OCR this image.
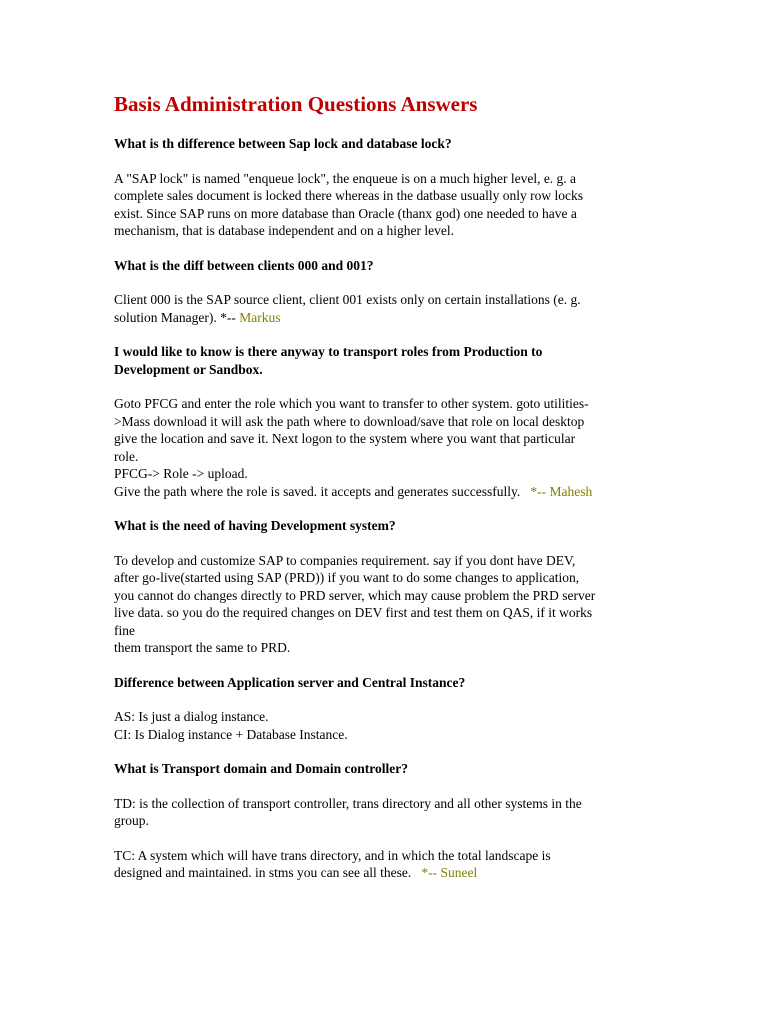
Basis Administration Questions Answers

What is th difference between Sap lock and database lock?

A "SAP lock" is named "enqueue lock", the enqueue is on a much higher level, e. g. a
complete sales document is locked there whereas in the datbase usually only row locks
exist. Since SAP runs on more database than Oracle (thanx god) one needed to have a
mechanism, that is database independent and on a higher level.

What is the diff between clients 000 and 001?

Client 000 is the SAP source client, client 001 exists only on certain installations (e. g.
solution Manager). *-- Markus

I would like to know is there anyway to transport roles from Production to
Development or Sandbox.

Goto PFCG and enter the role which you want to transfer to other system. goto utilities-
>Mass download it will ask the path where to download/save that role on local desktop
give the location and save it. Next logon to the system where you want that particular
role.
PFCG-> Role -> upload.
Give the path where the role is saved. it accepts and generates successfully.   *-- Mahesh

What is the need of having Development system?

To develop and customize SAP to companies requirement. say if you dont have DEV,
after go-live(started using SAP (PRD)) if you want to do some changes to application,
you cannot do changes directly to PRD server, which may cause problem the PRD server
live data. so you do the required changes on DEV first and test them on QAS, if it works
fine
them transport the same to PRD.

Difference between Application server and Central Instance?

AS: Is just a dialog instance.
CI: Is Dialog instance + Database Instance.

What is Transport domain and Domain controller?

TD: is the collection of transport controller, trans directory and all other systems in the
group.
TC: A system which will have trans directory, and in which the total landscape is
designed and maintained. in stms you can see all these.   *-- Suneel
